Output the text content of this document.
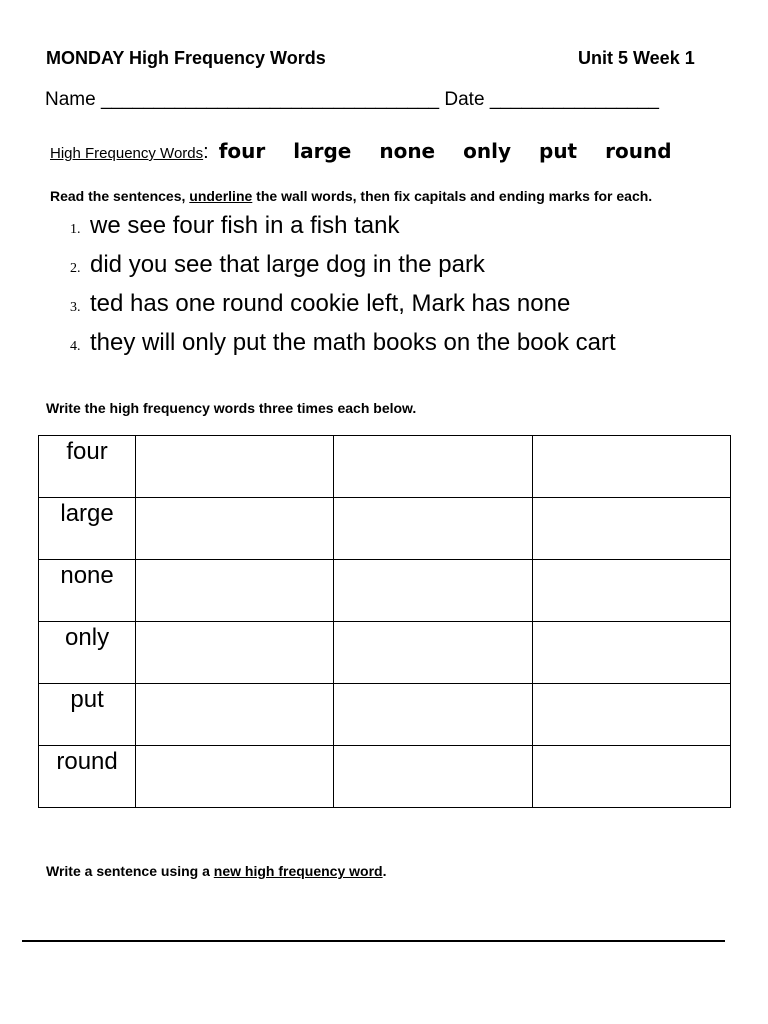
MONDAY High Frequency Words	Unit 5 Week 1
Name ________________________________ Date ________________
High Frequency Words : four large none only put round
Read the sentences, underline the wall words, then fix capitals and ending marks for each.
1. we see four fish in a fish tank
2. did you see that large dog in the park
3. ted has one round cookie left, Mark has none
4. they will only put the math books on the book cart
Write the high frequency words three times each below.
four			
large			
none			
only			
put			
round			
Write a sentence using a new high frequency word.
